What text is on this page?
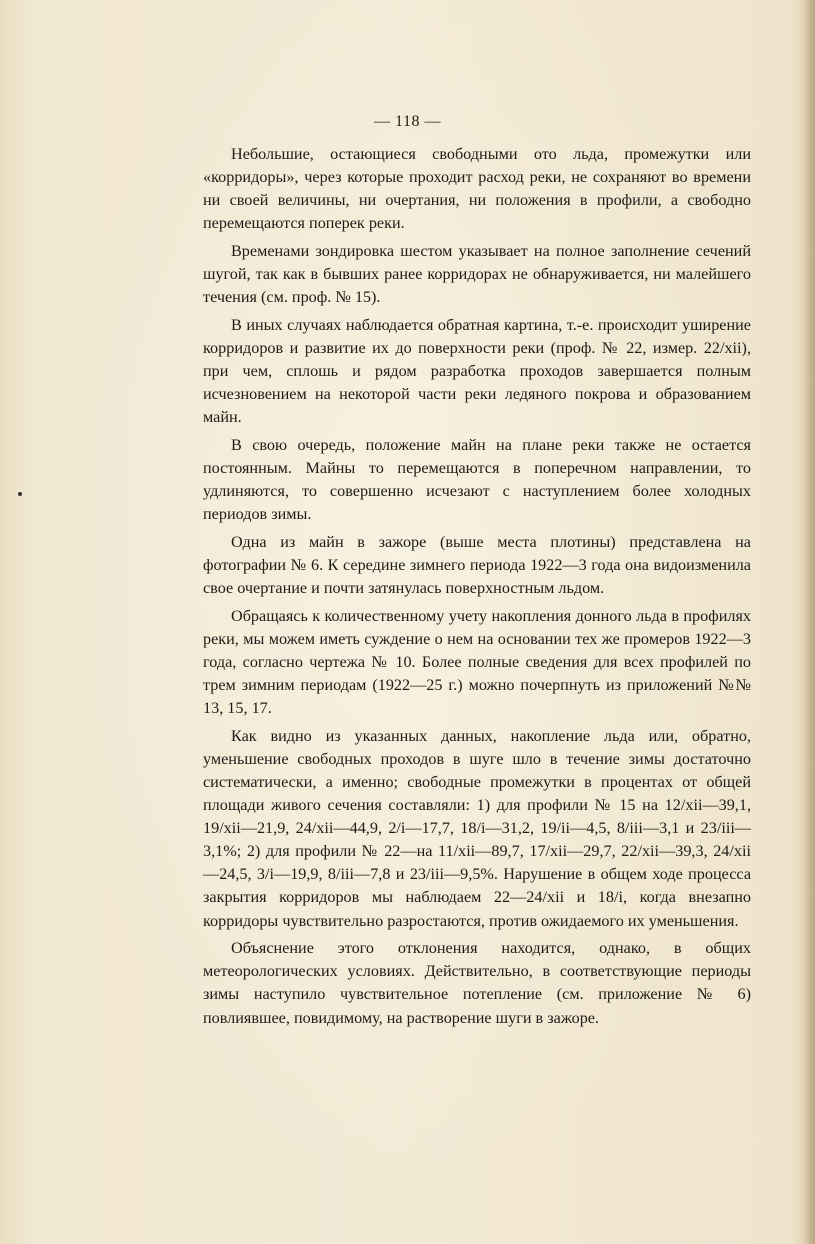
— 118 —

Небольшие, остающиеся свободными ото льда, промежутки или «корридоры», через которые проходит расход реки, не сохраняют во времени ни своей величины, ни очертания, ни положения в профили, а свободно перемещаются поперек реки.

Временами зондировка шестом указывает на полное заполнение сечений шугой, так как в бывших ранее корридорах не обнаруживается, ни малейшего течения (см. проф. № 15).

В иных случаях наблюдается обратная картина, т.-е. происходит уширение корридоров и развитие их до поверхности реки (проф. № 22, измер. 22/xii), при чем, сплошь и рядом разработка проходов завершается полным исчезновением на некоторой части реки ледяного покрова и образованием майн.

В свою очередь, положение майн на плане реки также не остается постоянным. Майны то перемещаются в поперечном направлении, то удлиняются, то совершенно исчезают с наступлением более холодных периодов зимы.

Одна из майн в зажоре (выше места плотины) представлена на фотографии № 6. К середине зимнего периода 1922—3 года она видоизменила свое очертание и почти затянулась поверхностным льдом.

Обращаясь к количественному учету накопления донного льда в профилях реки, мы можем иметь суждение о нем на основании тех же промеров 1922—3 года, согласно чертежа № 10. Более полные сведения для всех профилей по трем зимним периодам (1922—25 г.) можно почерпнуть из приложений №№ 13, 15, 17.

Как видно из указанных данных, накопление льда или, обратно, уменьшение свободных проходов в шуге шло в течение зимы достаточно систематически, а именно; свободные промежутки в процентах от общей площади живого сечения составляли: 1) для профили № 15 на 12/xii—39,1, 19/xii—21,9, 24/xii—44,9, 2/i—17,7, 18/i—31,2, 19/ii—4,5, 8/iii—3,1 и 23/iii—3,1%; 2) для профили № 22—на 11/xii—89,7, 17/xii—29,7, 22/xii—39,3, 24/xii—24,5, 3/i—19,9, 8/iii—7,8 и 23/iii—9,5%. Нарушение в общем ходе процесса закрытия корридоров мы наблюдаем 22—24/xii и 18/i, когда внезапно корридоры чувствительно разростаются, против ожидаемого их уменьшения.

Объяснение этого отклонения находится, однако, в общих метеорологических условиях. Действительно, в соответствующие периоды зимы наступило чувствительное потепление (см. приложение № 6) повлиявшее, повидимому, на растворение шуги в зажоре.
